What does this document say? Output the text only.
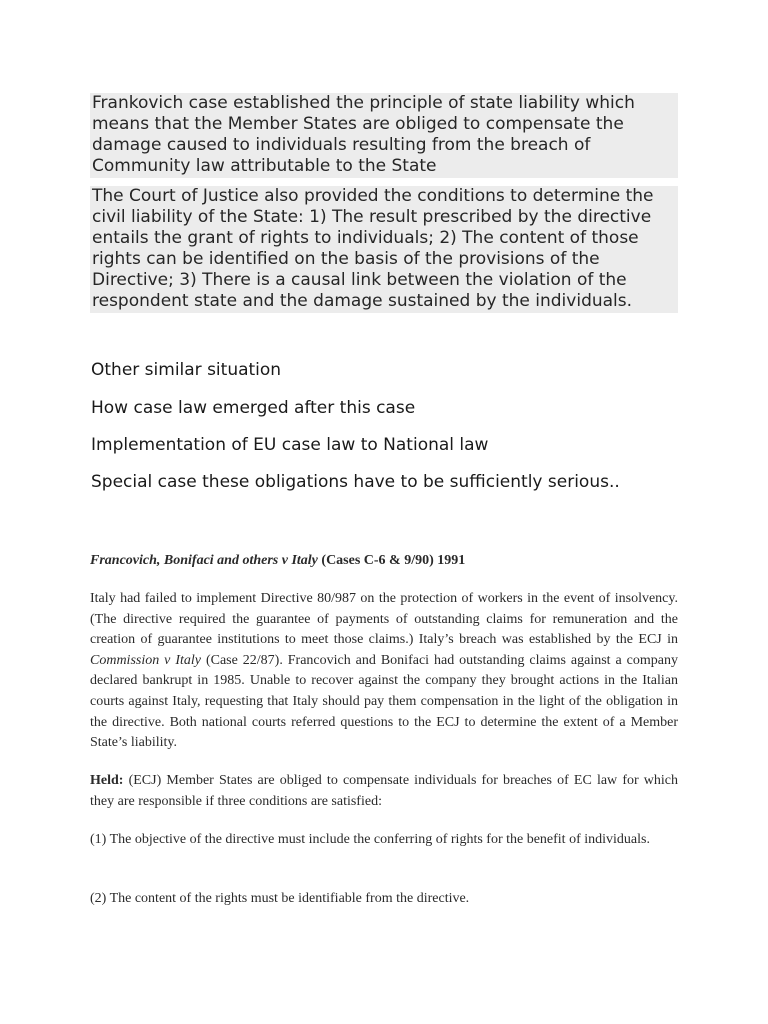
Frankovich case established the principle of state liability which means that the Member States are obliged to compensate the damage caused to individuals resulting from the breach of Community law attributable to the State

The Court of Justice also provided the conditions to determine the civil liability of the State: 1) The result prescribed by the directive entails the grant of rights to individuals; 2) The content of those rights can be identified on the basis of the provisions of the Directive; 3) There is a causal link between the violation of the respondent state and the damage sustained by the individuals.

Other similar situation
How case law emerged after this case
Implementation of EU case law to National law
Special case these obligations have to be sufficiently serious..
Francovich, Bonifaci and others v Italy (Cases C-6 & 9/90) 1991

Italy had failed to implement Directive 80/987 on the protection of workers in the event of insolvency. (The directive required the guarantee of payments of outstanding claims for remuneration and the creation of guarantee institutions to meet those claims.) Italy’s breach was established by the ECJ in Commission v Italy (Case 22/87). Francovich and Bonifaci had outstanding claims against a company declared bankrupt in 1985. Unable to recover against the company they brought actions in the Italian courts against Italy, requesting that Italy should pay them compensation in the light of the obligation in the directive. Both national courts referred questions to the ECJ to determine the extent of a Member State’s liability.

Held: (ECJ) Member States are obliged to compensate individuals for breaches of EC law for which they are responsible if three conditions are satisfied:

(1) The objective of the directive must include the conferring of rights for the benefit of individuals.

(2) The content of the rights must be identifiable from the directive.
